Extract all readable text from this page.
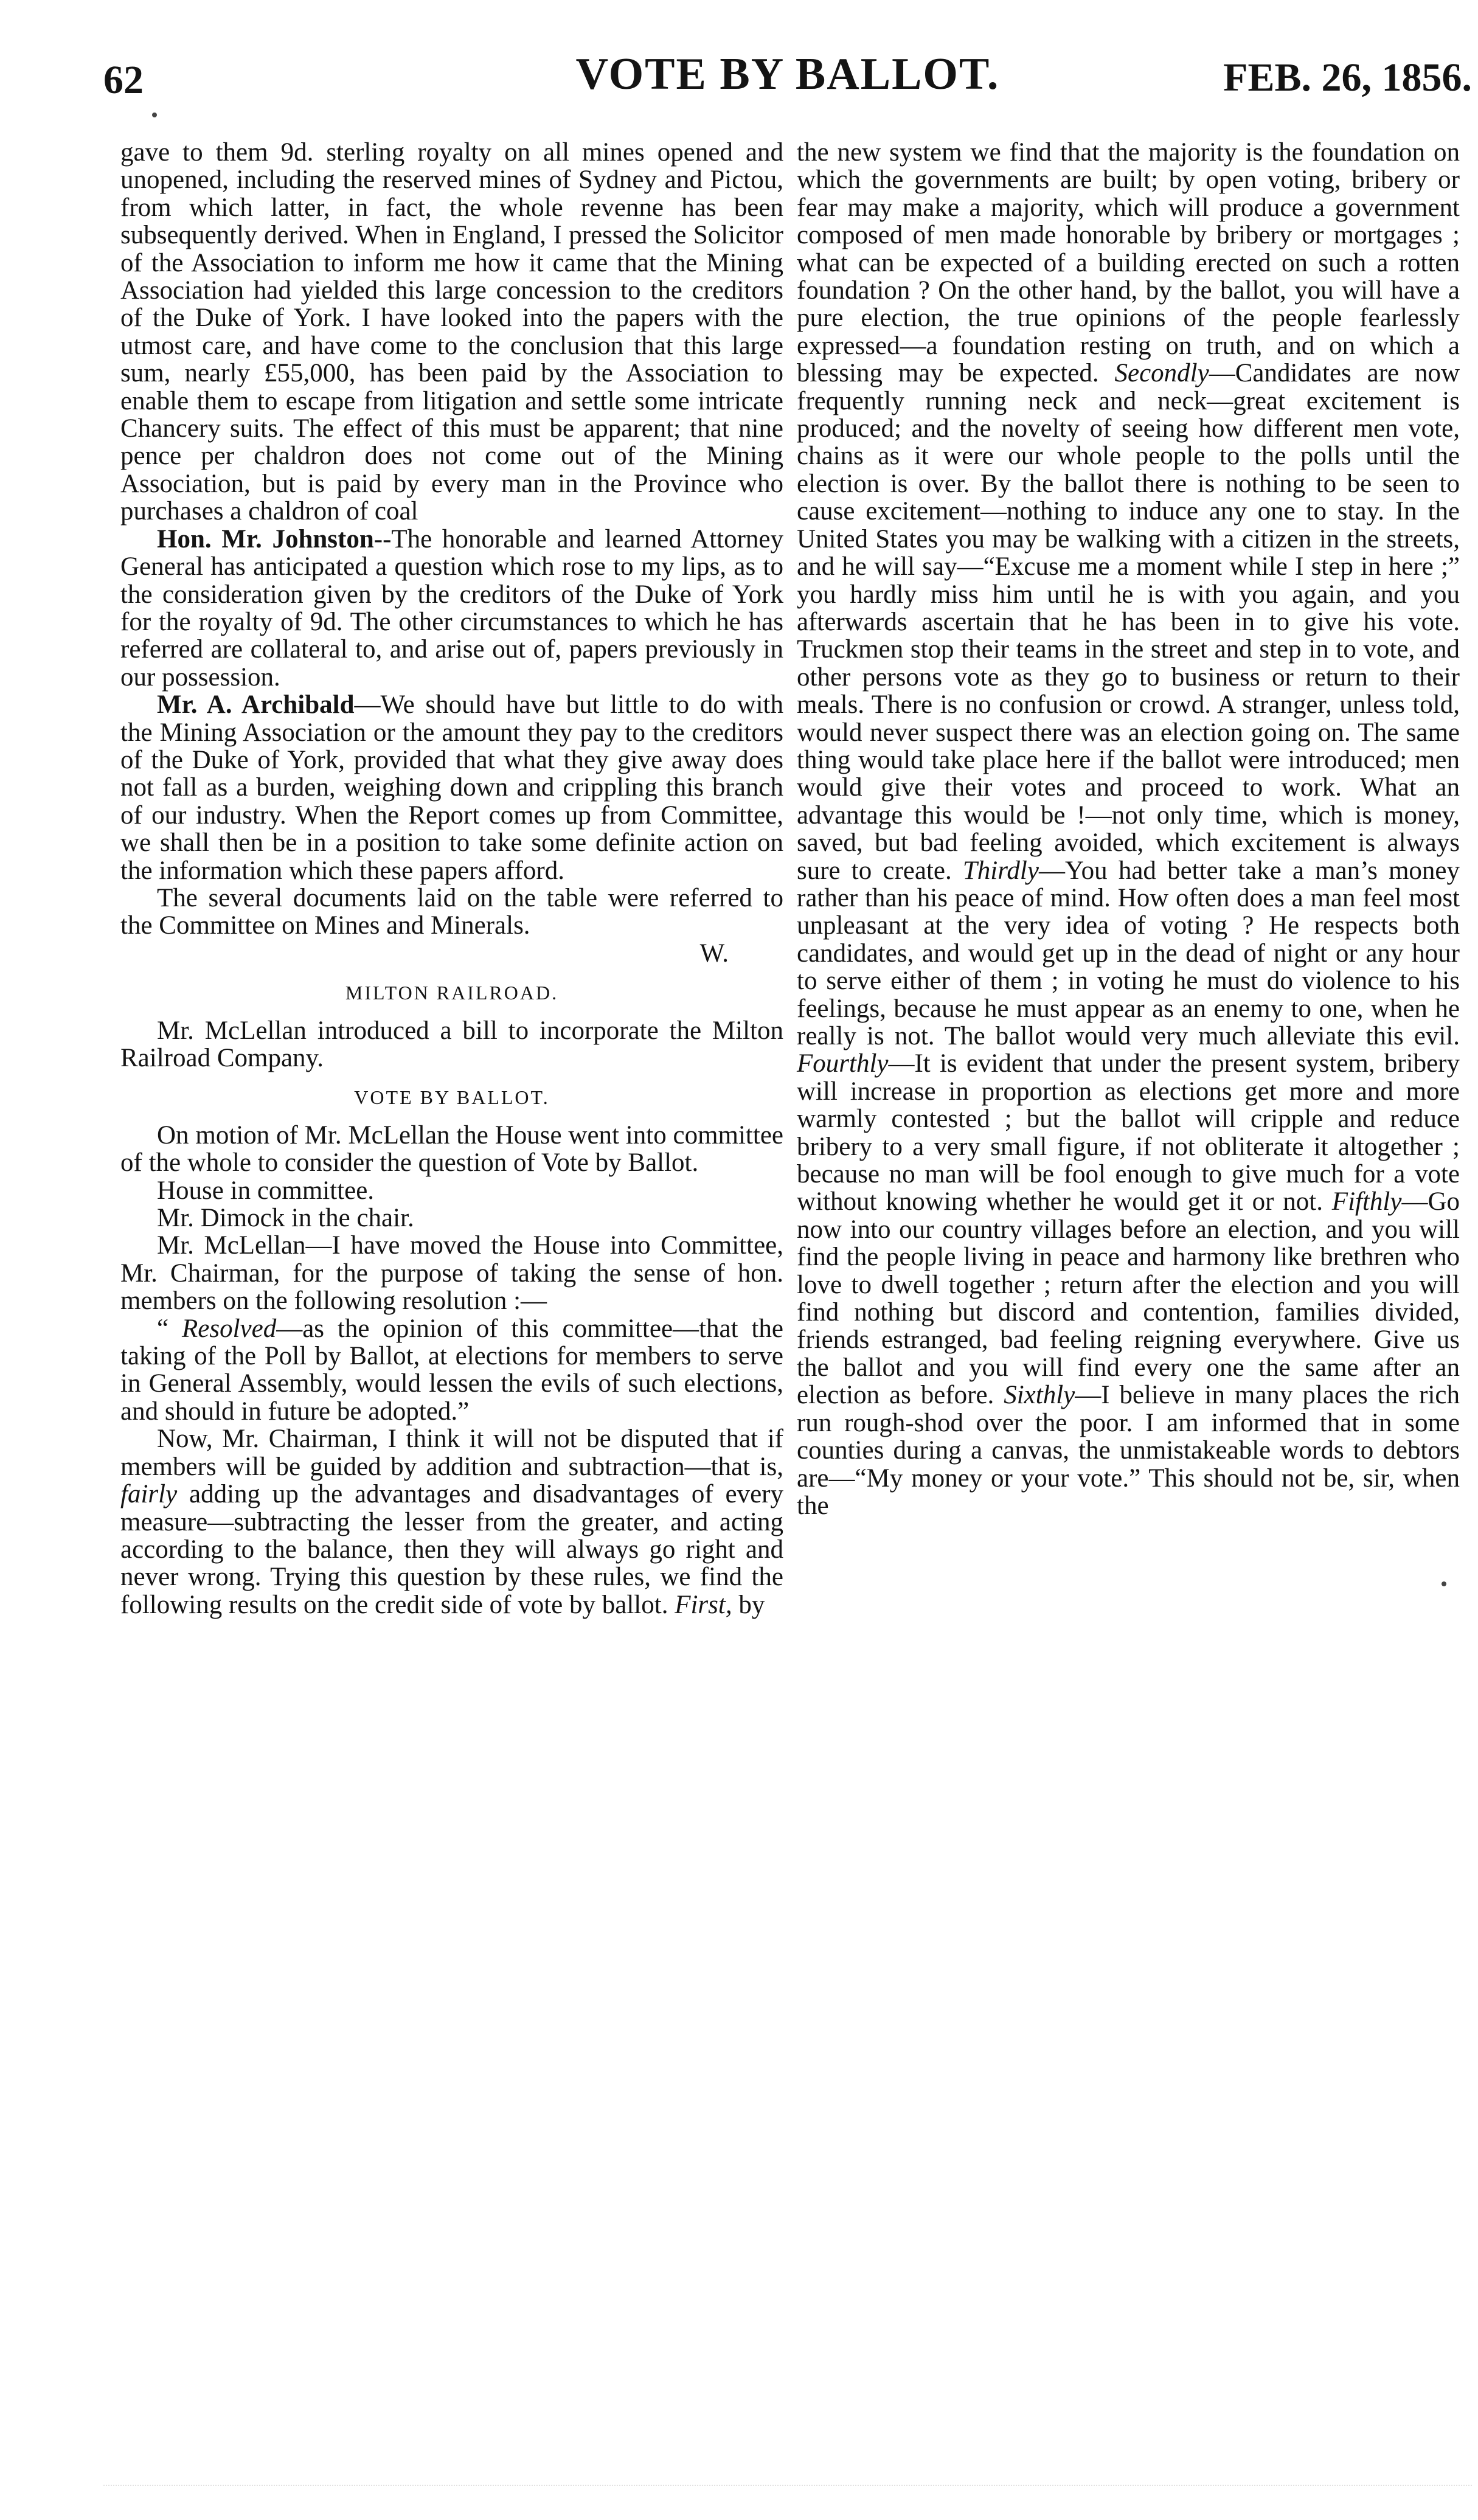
62	VOTE BY BALLOT.	FEB. 26, 1856.

gave to them 9d. sterling royalty on all mines opened and unopened, including the reserved mines of Sydney and Pictou, from which latter, in fact, the whole revenne has been subsequently derived. When in England, I pressed the Solicitor of the Association to inform me how it came that the Mining Association had yielded this large concession to the creditors of the Duke of York. I have looked into the papers with the utmost care, and have come to the conclusion that this large sum, nearly £55,000, has been paid by the Association to enable them to escape from litigation and settle some intricate Chancery suits. The effect of this must be apparent; that nine pence per chaldron does not come out of the Mining Association, but is paid by every man in the Province who purchases a chaldron of coal

Hon. Mr. Johnston--The honorable and learned Attorney General has anticipated a question which rose to my lips, as to the consideration given by the creditors of the Duke of York for the royalty of 9d. The other circumstances to which he has referred are collateral to, and arise out of, papers previously in our possession.

Mr. A. Archibald—We should have but little to do with the Mining Association or the amount they pay to the creditors of the Duke of York, provided that what they give away does not fall as a burden, weighing down and crippling this branch of our industry. When the Report comes up from Committee, we shall then be in a position to take some definite action on the information which these papers afford.

The several documents laid on the table were referred to the Committee on Mines and Minerals.

W.

MILTON RAILROAD.

Mr. McLellan introduced a bill to incorporate the Milton Railroad Company.

VOTE BY BALLOT.

On motion of Mr. McLellan the House went into committee of the whole to consider the question of Vote by Ballot.

House in committee.

Mr. Dimock in the chair.

Mr. McLellan—I have moved the House into Committee, Mr. Chairman, for the purpose of taking the sense of hon. members on the following resolution :—

“ Resolved—as the opinion of this committee—that the taking of the Poll by Ballot, at elections for members to serve in General Assembly, would lessen the evils of such elections, and should in future be adopted.”

Now, Mr. Chairman, I think it will not be disputed that if members will be guided by addition and subtraction—that is, fairly adding up the advantages and disadvantages of every measure—subtracting the lesser from the greater, and acting according to the balance, then they will always go right and never wrong. Trying this question by these rules, we find the following results on the credit side of vote by ballot. First, by

the new system we find that the majority is the foundation on which the governments are built; by open voting, bribery or fear may make a majority, which will produce a government composed of men made honorable by bribery or mortgages ; what can be expected of a building erected on such a rotten foundation ? On the other hand, by the ballot, you will have a pure election, the true opinions of the people fearlessly expressed—a foundation resting on truth, and on which a blessing may be expected. Secondly—Candidates are now frequently running neck and neck—great excitement is produced; and the novelty of seeing how different men vote, chains as it were our whole people to the polls until the election is over. By the ballot there is nothing to be seen to cause excitement—nothing to induce any one to stay. In the United States you may be walking with a citizen in the streets, and he will say—“Excuse me a moment while I step in here ;” you hardly miss him until he is with you again, and you afterwards ascertain that he has been in to give his vote. Truckmen stop their teams in the street and step in to vote, and other persons vote as they go to business or return to their meals. There is no confusion or crowd. A stranger, unless told, would never suspect there was an election going on. The same thing would take place here if the ballot were introduced; men would give their votes and proceed to work. What an advantage this would be !—not only time, which is money, saved, but bad feeling avoided, which excitement is always sure to create. Thirdly—You had better take a man’s money rather than his peace of mind. How often does a man feel most unpleasant at the very idea of voting ? He respects both candidates, and would get up in the dead of night or any hour to serve either of them ; in voting he must do violence to his feelings, because he must appear as an enemy to one, when he really is not. The ballot would very much alleviate this evil. Fourthly—It is evident that under the present system, bribery will increase in proportion as elections get more and more warmly contested ; but the ballot will cripple and reduce bribery to a very small figure, if not obliterate it altogether ; because no man will be fool enough to give much for a vote without knowing whether he would get it or not. Fifthly—Go now into our country villages before an election, and you will find the people living in peace and harmony like brethren who love to dwell together ; return after the election and you will find nothing but discord and contention, families divided, friends estranged, bad feeling reigning everywhere. Give us the ballot and you will find every one the same after an election as before. Sixthly—I believe in many places the rich run rough-shod over the poor. I am informed that in some counties during a canvas, the unmistakeable words to debtors are—“My money or your vote.” This should not be, sir, when the
